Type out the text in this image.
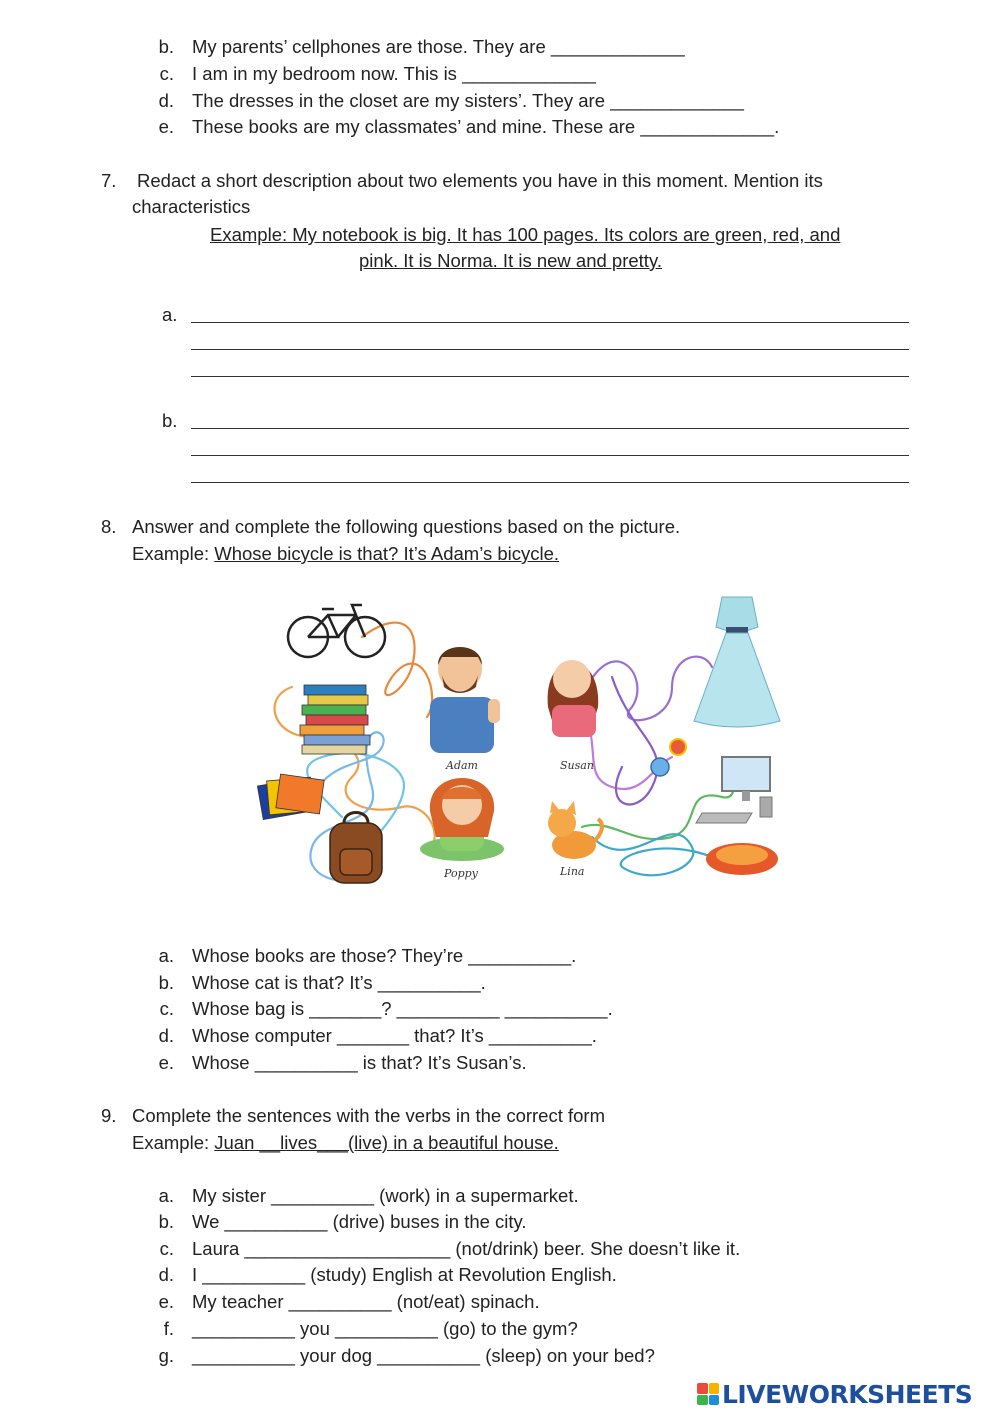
b. My parents’ cellphones are those. They are _____________
c. I am in my bedroom now. This is _____________
d. The dresses in the closet are my sisters’. They are _____________
e. These books are my classmates’ and mine. These are _____________.
7. Redact a short description about two elements you have in this moment. Mention its
characteristics
Example: My notebook is big. It has 100 pages. Its colors are green, red, and
pink. It is Norma. It is new and pretty.
a.
b.
8. Answer and complete the following questions based on the picture.
Example: Whose bicycle is that? It’s Adam’s bicycle.
Adam
Poppy
Susan
Lina
a. Whose books are those? They’re __________.
b. Whose cat is that? It’s __________.
c. Whose bag is _______? __________ __________.
d. Whose computer _______ that? It’s __________.
e. Whose __________ is that? It’s Susan’s.
9. Complete the sentences with the verbs in the correct form
Example: Juan __lives___(live) in a beautiful house.
a. My sister __________ (work) in a supermarket.
b. We __________ (drive) buses in the city.
c. Laura ____________________ (not/drink) beer. She doesn’t like it.
d. I __________ (study) English at Revolution English.
e. My teacher __________ (not/eat) spinach.
f. __________ you __________ (go) to the gym?
g. __________ your dog __________ (sleep) on your bed?
LIVEWORKSHEETS
